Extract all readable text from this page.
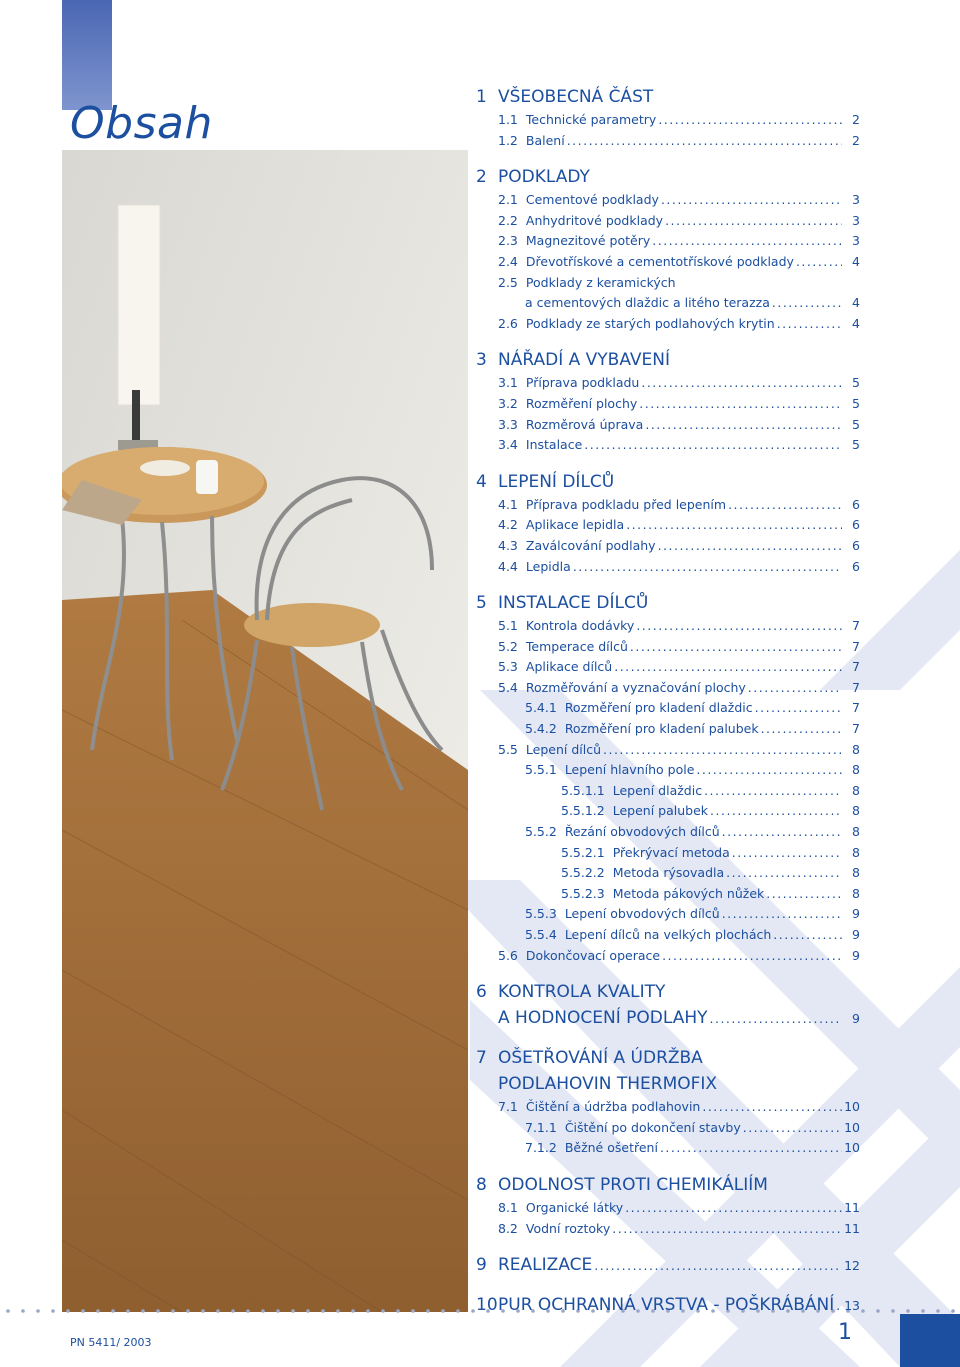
Obsah
PN 5411/ 2003	1
1 VŠEOBECNÁ ČÁST
1.1 Technické parametry .....	2
1.2 Balení .....	2
2 PODKLADY
2.1 Cementové podklady .....	3
2.2 Anhydritové podklady .....	3
2.3 Magnezitové potěry .....	3
2.4 Dřevotřískové a cementotřískové podklady .....	4
2.5 Podklady z keramických
a cementových dlaždic a litého terazza .....	4
2.6 Podklady ze starých podlahových krytin .....	4
3 NÁŘADÍ A VYBAVENÍ
3.1 Příprava podkladu .....	5
3.2 Rozměření plochy .....	5
3.3 Rozměrová úprava .....	5
3.4 Instalace .....	5
4 LEPENÍ DÍLCŮ
4.1 Příprava podkladu před lepením .....	6
4.2 Aplikace lepidla .....	6
4.3 Zaválcování podlahy .....	6
4.4 Lepidla .....	6
5 INSTALACE DÍLCŮ
5.1 Kontrola dodávky .....	7
5.2 Temperace dílců .....	7
5.3 Aplikace dílců .....	7
5.4 Rozměřování a vyznačování plochy .....	7
5.4.1 Rozměření pro kladení dlaždic .....	7
5.4.2 Rozměření pro kladení palubek .....	7
5.5 Lepení dílců .....	8
5.5.1 Lepení hlavního pole .....	8
5.5.1.1 Lepení dlaždic .....	8
5.5.1.2 Lepení palubek .....	8
5.5.2 Řezání obvodových dílců .....	8
5.5.2.1 Překrývací metoda .....	8
5.5.2.2 Metoda rýsovadla .....	8
5.5.2.3 Metoda pákových nůžek .....	8
5.5.3 Lepení obvodových dílců .....	9
5.5.4 Lepení dílců na velkých plochách .....	9
5.6 Dokončovací operace .....	9
6 KONTROLA KVALITY
A HODNOCENÍ PODLAHY .....	9
7 OŠETŘOVÁNÍ A ÚDRŽBA
PODLAHOVIN THERMOFIX
7.1 Čištění a údržba podlahovin .....	10
7.1.1 Čištění po dokončení stavby .....	10
7.1.2 Běžné ošetření .....	10
8 ODOLNOST PROTI CHEMIKÁLIÍM
8.1 Organické látky .....	11
8.2 Vodní roztoky .....	11
9 REALIZACE .....	12
10 PUR OCHRANNÁ VRSTVA - POŠKRÁBÁNÍ ..... 13
